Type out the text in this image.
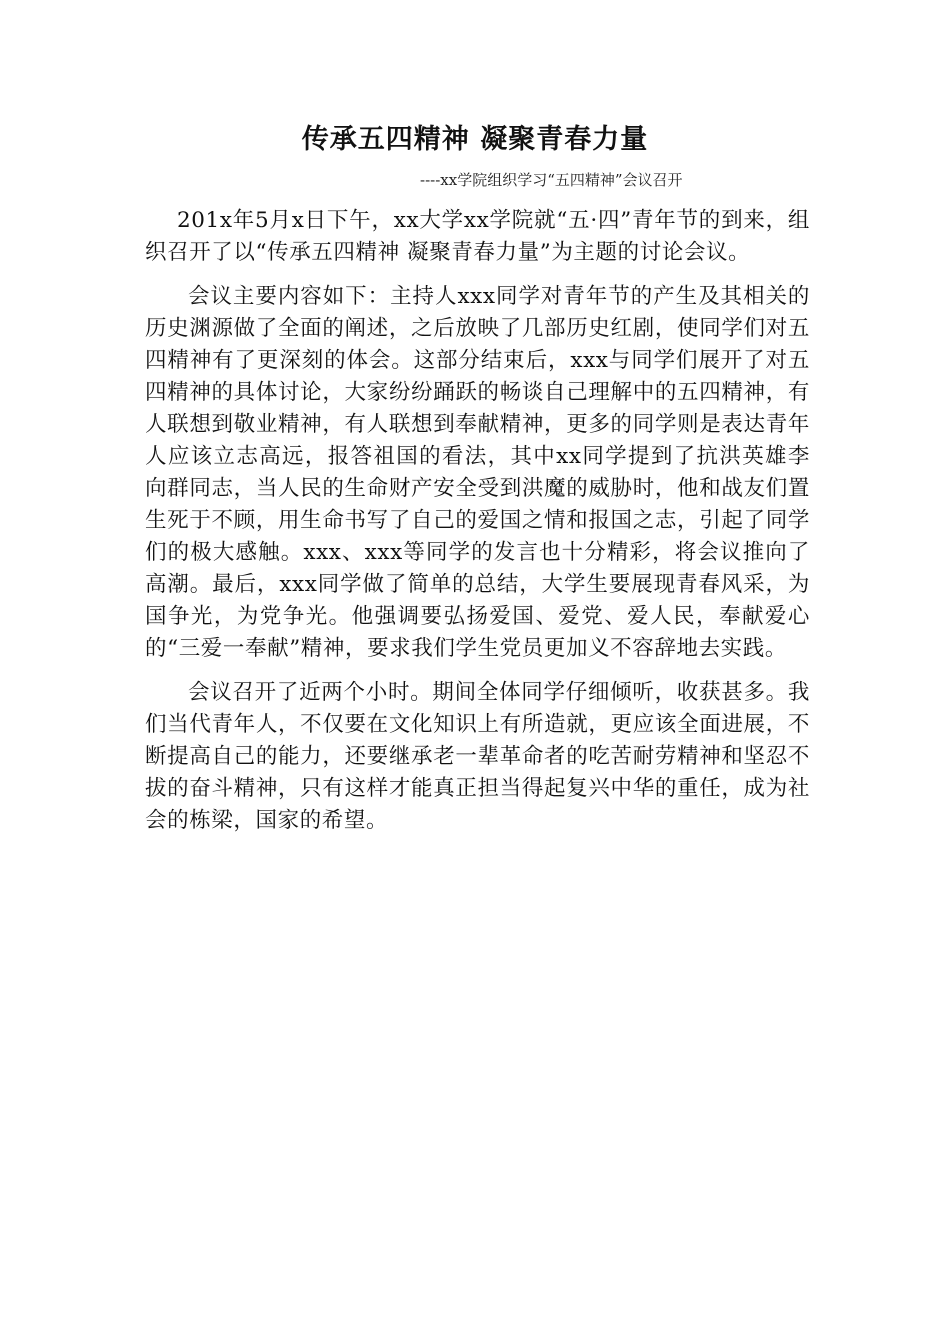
传承五四精神 凝聚青春力量

----xx学院组织学习“五四精神”会议召开

201x年5月x日下午，xx大学xx学院就“五·四”青年节的到来，组织召开了以“传承五四精神 凝聚青春力量”为主题的讨论会议。

会议主要内容如下：主持人xxx同学对青年节的产生及其相关的历史渊源做了全面的阐述，之后放映了几部历史红剧，使同学们对五四精神有了更深刻的体会。这部分结束后，xxx与同学们展开了对五四精神的具体讨论，大家纷纷踊跃的畅谈自己理解中的五四精神，有人联想到敬业精神，有人联想到奉献精神，更多的同学则是表达青年人应该立志高远，报答祖国的看法，其中xx同学提到了抗洪英雄李向群同志，当人民的生命财产安全受到洪魔的威胁时，他和战友们置生死于不顾，用生命书写了自己的爱国之情和报国之志，引起了同学们的极大感触。xxx、xxx等同学的发言也十分精彩，将会议推向了高潮。最后，xxx同学做了简单的总结，大学生要展现青春风采，为国争光，为党争光。他强调要弘扬爱国、爱党、爱人民，奉献爱心的“三爱一奉献”精神，要求我们学生党员更加义不容辞地去实践。

会议召开了近两个小时。期间全体同学仔细倾听，收获甚多。我们当代青年人，不仅要在文化知识上有所造就，更应该全面进展，不断提高自己的能力，还要继承老一辈革命者的吃苦耐劳精神和坚忍不拔的奋斗精神，只有这样才能真正担当得起复兴中华的重任，成为社会的栋梁，国家的希望。
